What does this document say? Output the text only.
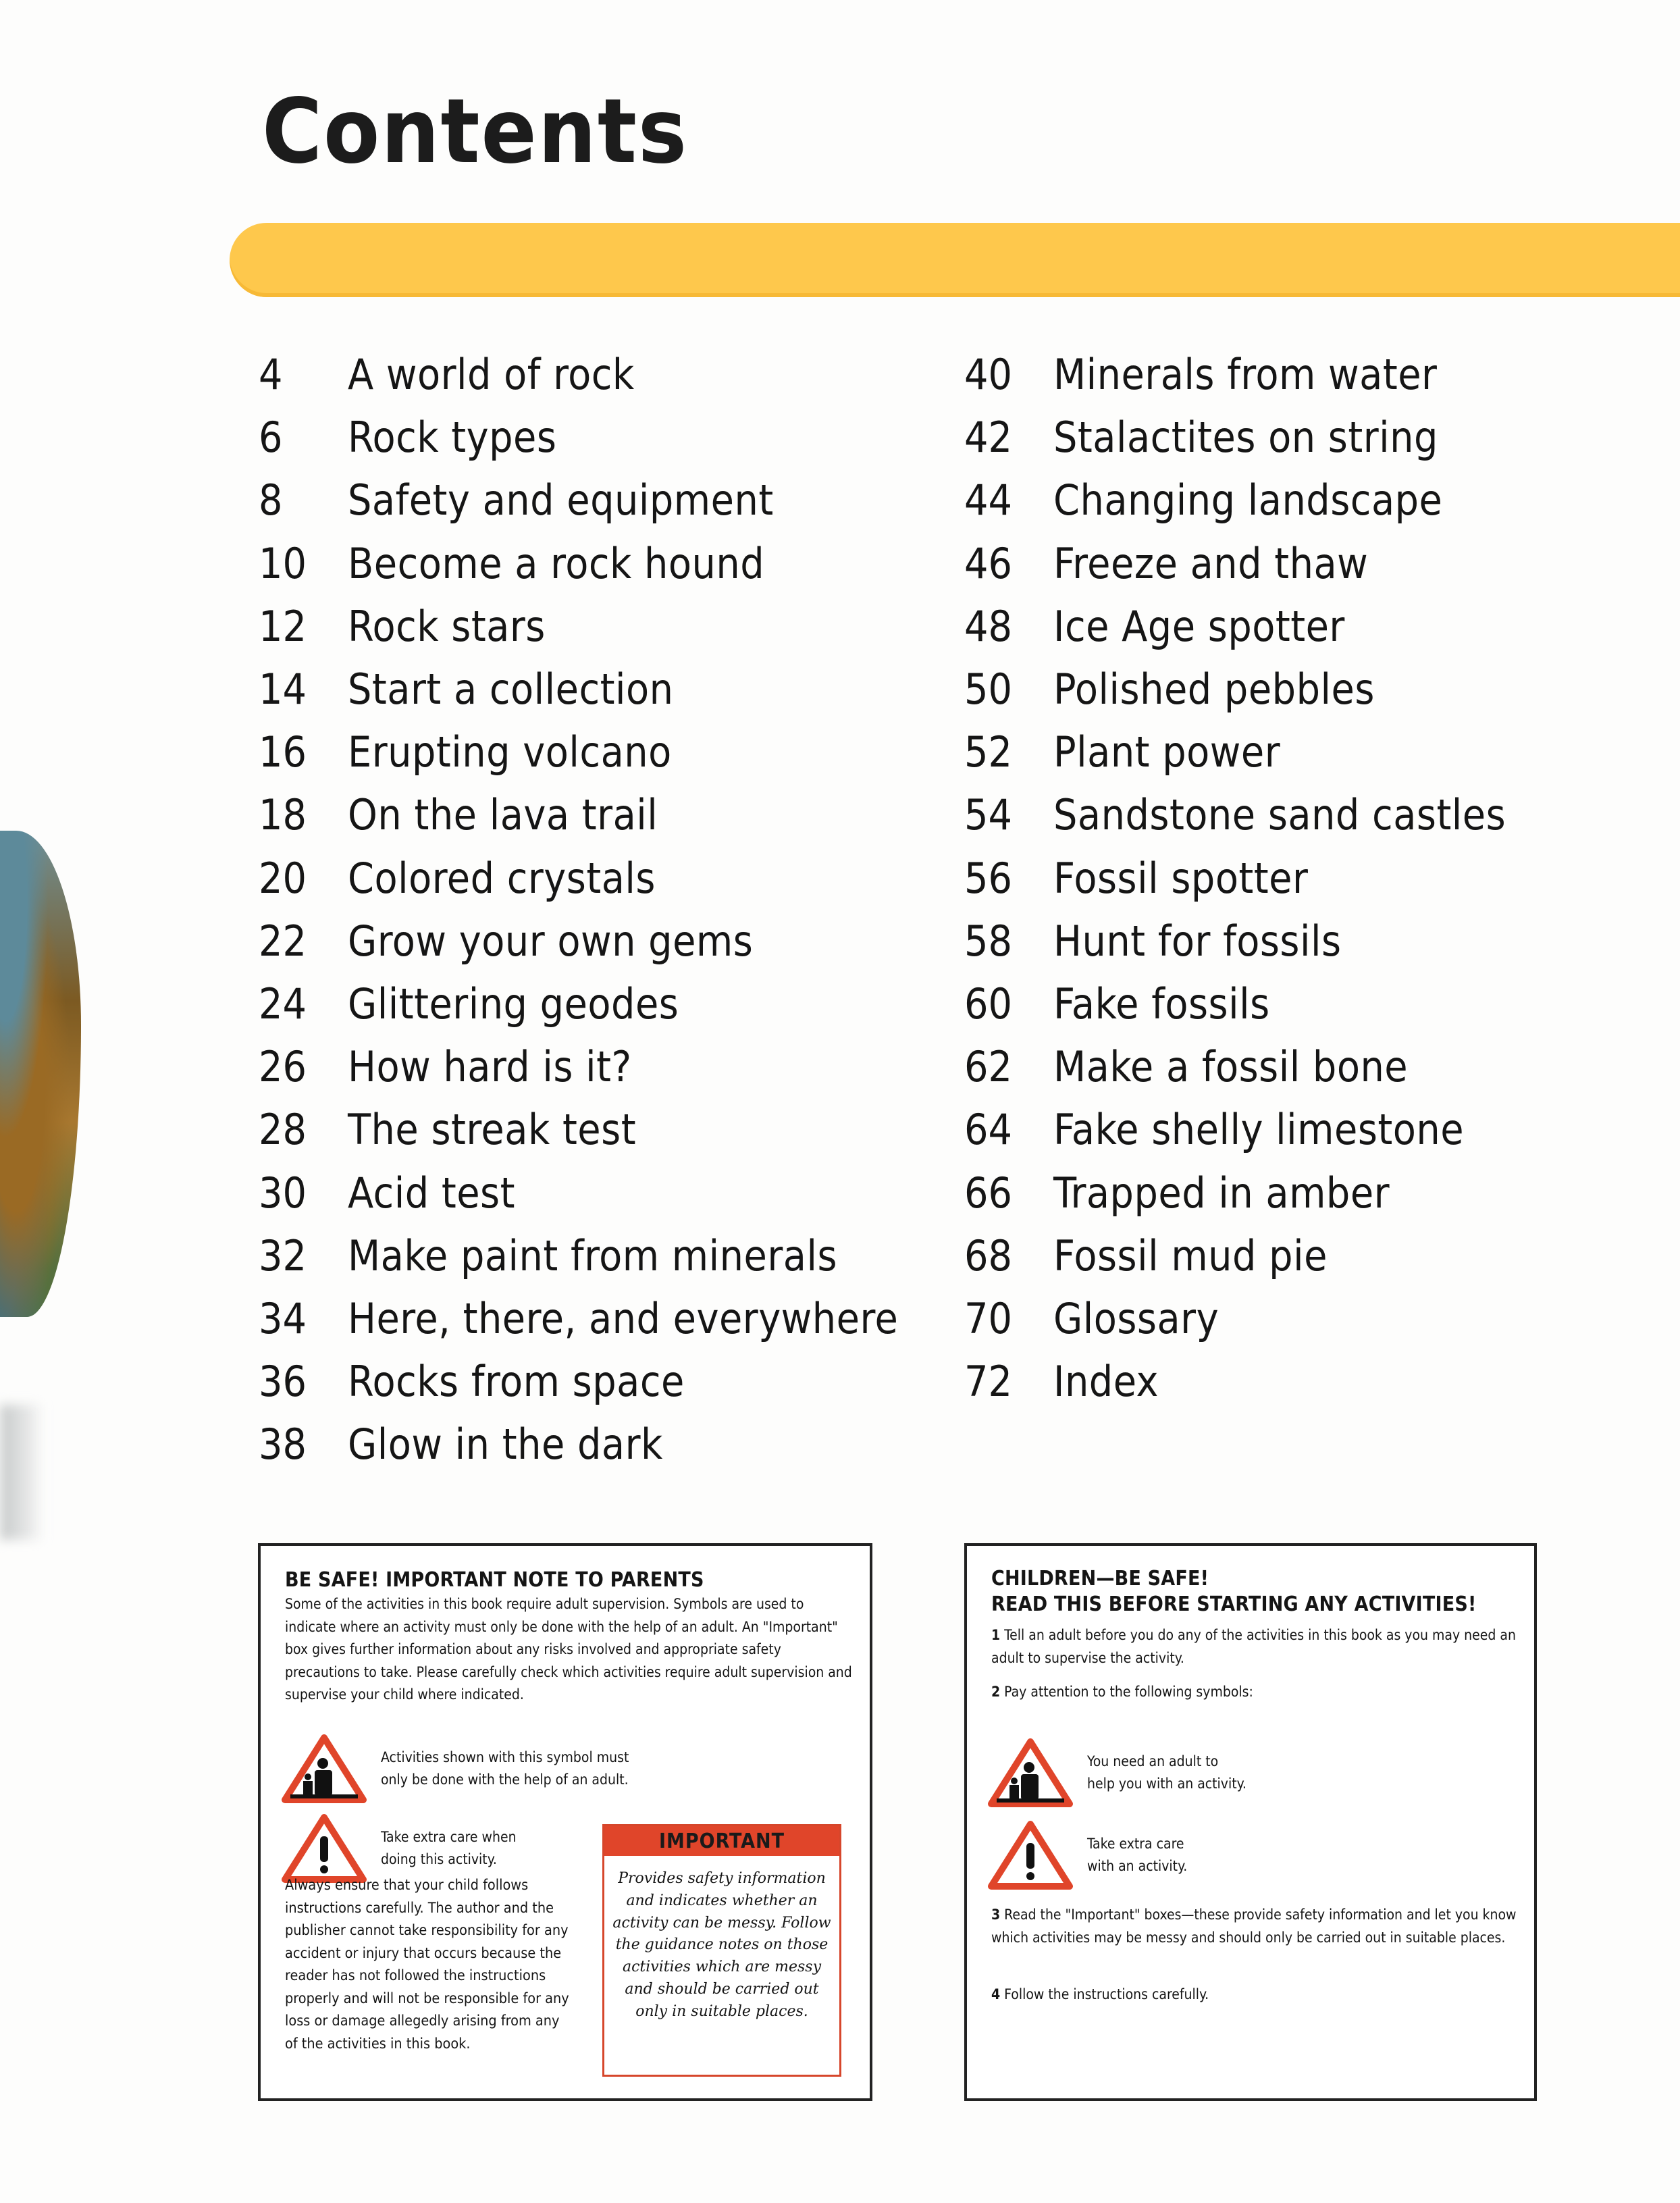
Contents
4	A world of rock
6	Rock types
8	Safety and equipment
10 Become a rock hound
12 Rock stars
14 Start a collection
16 Erupting volcano
18 On the lava trail
20 Colored crystals
22 Grow your own gems
24 Glittering geodes
26 How hard is it?
28 The streak test
30 Acid test
32 Make paint from minerals
34 Here, there, and everywhere
36 Rocks from space
38 Glow in the dark
40 Minerals from water
42 Stalactites on string
44 Changing landscape
46 Freeze and thaw
48 Ice Age spotter
50 Polished pebbles
52 Plant power
54 Sandstone sand castles
56 Fossil spotter
58 Hunt for fossils
60 Fake fossils
62 Make a fossil bone
64 Fake shelly limestone
66 Trapped in amber
68 Fossil mud pie
70 Glossary
72 Index
BE SAFE! IMPORTANT NOTE TO PARENTS

Some of the activities in this book require adult supervision. Symbols are used to indicate where an activity must only be done with the help of an adult. An "Important" box gives further information about any risks involved and appropriate safety precautions to take. Please carefully check which activities require adult supervision and supervise your child where indicated.

Activities shown with this symbol must
only be done with the help of an adult.
Take extra care when
doing this activity.

Always ensure that your child follows instructions carefully. The author and the publisher cannot take responsibility for any accident or injury that occurs because the reader has not followed the instructions properly and will not be responsible for any loss or damage allegedly arising from any of the activities in this book.

IMPORTANT
Provides safety information and indicates whether an activity can be messy. Follow the guidance notes on those activities which are messy and should be carried out only in suitable places.
CHILDREN—BE SAFE!
READ THIS BEFORE STARTING ANY ACTIVITIES!
1 Tell an adult before you do any of the activities in this book as you may need an adult to supervise the activity.
2 Pay attention to the following symbols:
You need an adult to
help you with an activity.
Take extra care
with an activity.
3 Read the "Important" boxes—these provide safety information and let you know which activities may be messy and should only be carried out in suitable places.
4 Follow the instructions carefully.
